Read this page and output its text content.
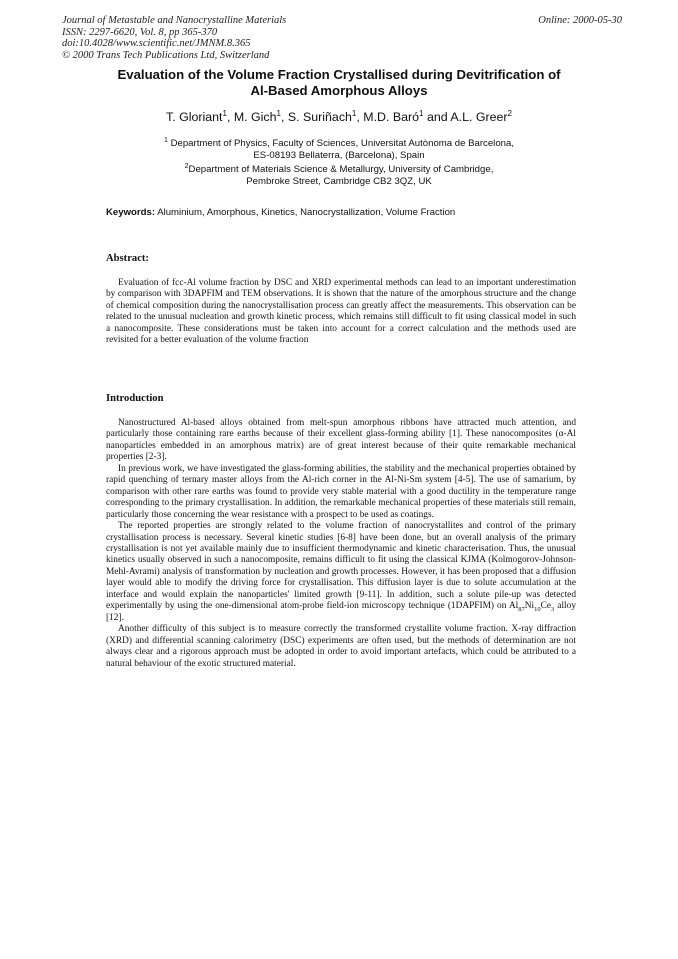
Journal of Metastable and Nanocrystalline Materials
ISSN: 2297-6620, Vol. 8, pp 365-370
doi:10.4028/www.scientific.net/JMNM.8.365
© 2000 Trans Tech Publications Ltd, Switzerland
Online: 2000-05-30
Evaluation of the Volume Fraction Crystallised during Devitrification of
Al-Based Amorphous Alloys
T. Gloriant$^1$, M. Gich$^1$, S. Suriñach$^1$, M.D. Baró$^1$ and A.L. Greer$^2$
$^1$ Department of Physics, Faculty of Sciences, Universitat Autònoma de Barcelona,
ES-08193 Bellaterra, (Barcelona), Spain
$^2$Department of Materials Science & Metallurgy, University of Cambridge,
Pembroke Street, Cambridge CB2 3QZ, UK
Keywords: Aluminium, Amorphous, Kinetics, Nanocrystallization, Volume Fraction
Abstract:

Evaluation of fcc-Al volume fraction by DSC and XRD experimental methods can lead to an important underestimation by comparison with 3DAPFIM and TEM observations. It is shown that the nature of the amorphous structure and the change of chemical composition during the nanocrystallisation process can greatly affect the measurements. This observation can be related to the unusual nucleation and growth kinetic process, which remains still difficult to fit using classical model in such a nanocomposite. These considerations must be taken into account for a correct calculation and the methods used are revisited for a better evaluation of the volume fraction

Introduction

Nanostructured Al-based alloys obtained from melt-spun amorphous ribbons have attracted much attention, and particularly those containing rare earths because of their excellent glass-forming ability [1]. These nanocomposites (α-Al nanoparticles embedded in an amorphous matrix) are of great interest because of their quite remarkable mechanical properties [2-3].

In previous work, we have investigated the glass-forming abilities, the stability and the mechanical properties obtained by rapid quenching of ternary master alloys from the Al-rich corner in the Al-Ni-Sm system [4-5]. The use of samarium, by comparison with other rare earths was found to provide very stable material with a good ductility in the temperature range corresponding to the primary crystallisation. In addition, the remarkable mechanical properties of these materials still remain, particularly those concerning the wear resistance with a prospect to be used as coatings.

The reported properties are strongly related to the volume fraction of nanocrystallites and control of the primary crystallisation process is necessary. Several kinetic studies [6-8] have been done, but an overall analysis of the primary crystallisation is not yet available mainly due to insufficient thermodynamic and kinetic characterisation. Thus, the unusual kinetics usually observed in such a nanocomposite, remains difficult to fit using the classical KJMA (Kolmogorov-Johnson-Mehl-Avrami) analysis of transformation by nucleation and growth processes. However, it has been proposed that a diffusion layer would able to modify the driving force for crystallisation. This diffusion layer is due to solute accumulation at the interface and would explain the nanoparticles' limited growth [9-11]. In addition, such a solute pile-up was detected experimentally by using the one-dimensional atom-probe field-ion microscopy technique (1DAPFIM) on $Al_{87}Ni_{10}Ce_3$ alloy [12].

Another difficulty of this subject is to measure correctly the transformed crystallite volume fraction. X-ray diffraction (XRD) and differential scanning calorimetry (DSC) experiments are often used, but the methods of determination are not always clear and a rigorous approach must be adopted in order to avoid important artefacts, which could be attributed to a natural behaviour of the exotic structured material.
